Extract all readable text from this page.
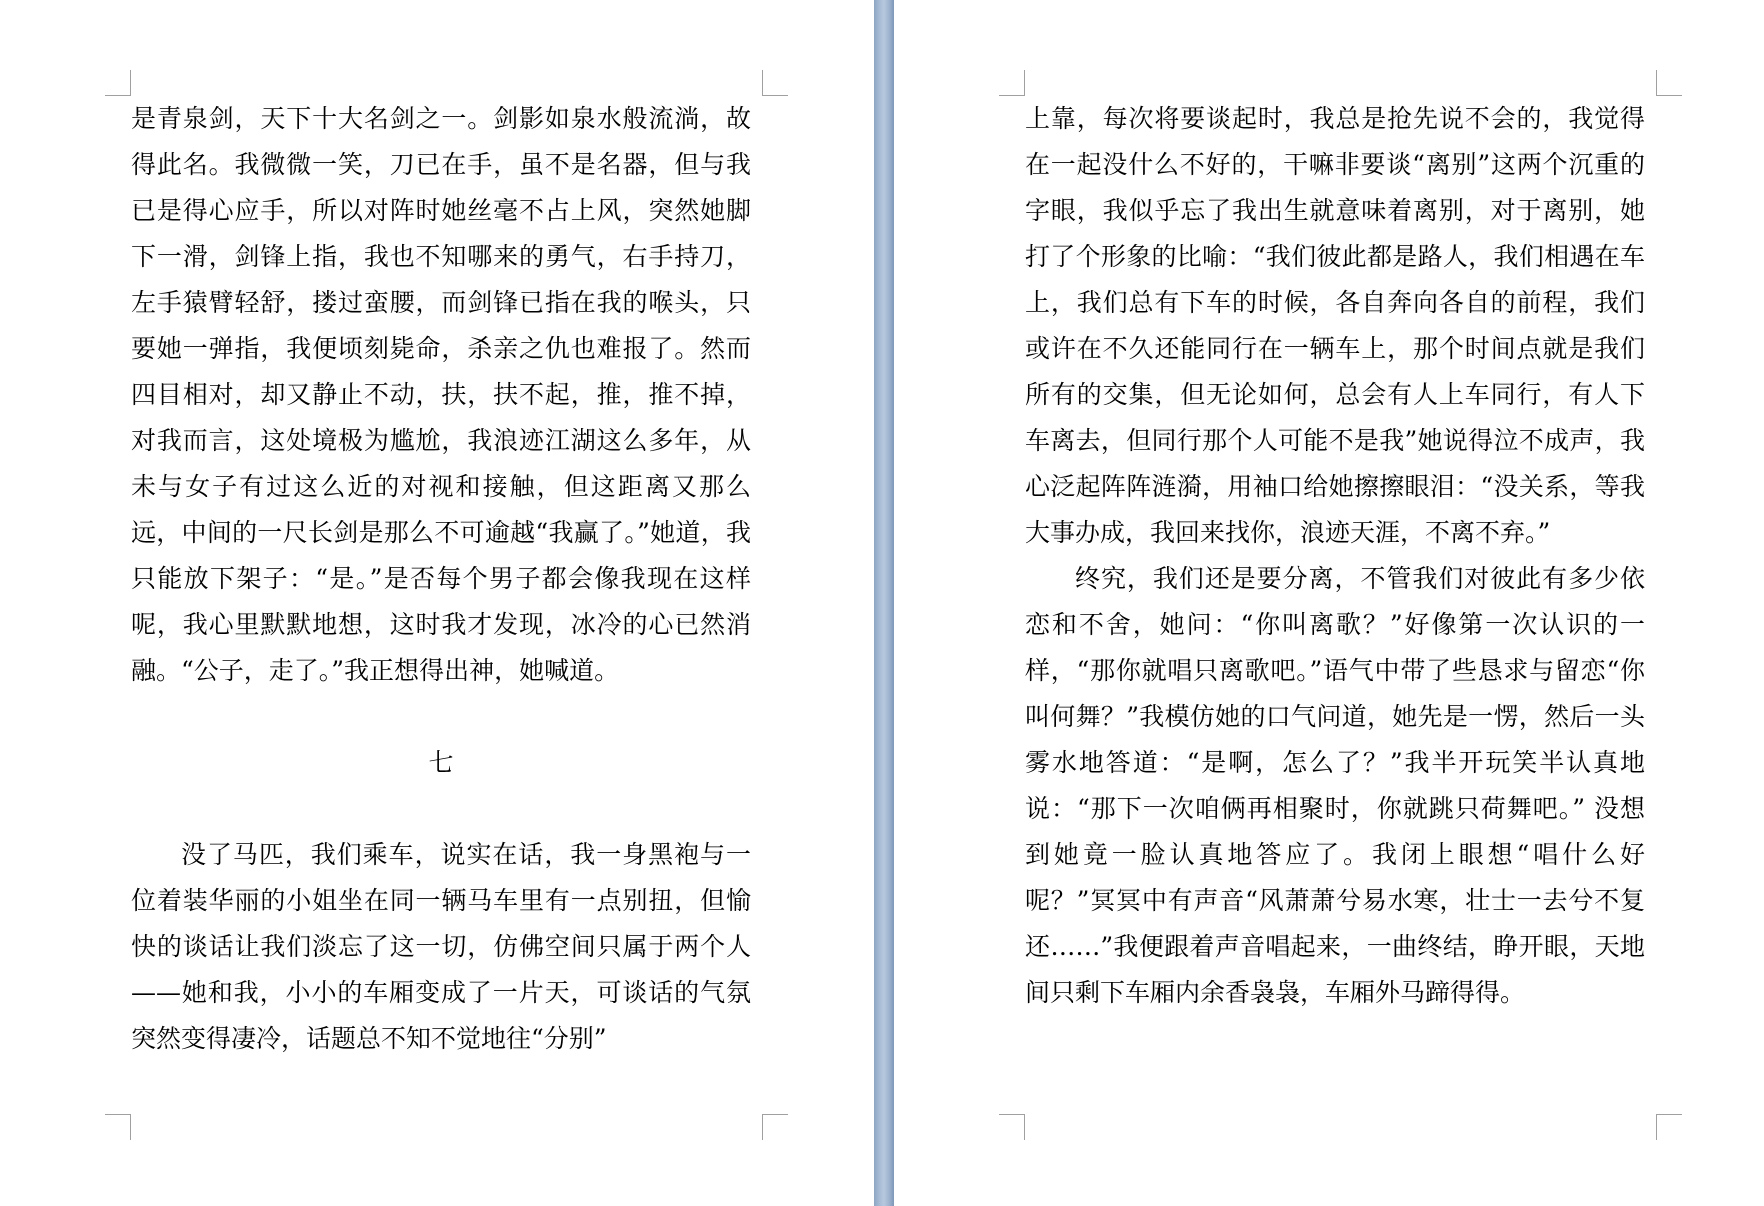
是青泉剑，天下十大名剑之一。剑影如泉水般流淌，故得此名。我微微一笑，刀已在手，虽不是名器，但与我已是得心应手，所以对阵时她丝毫不占上风，突然她脚下一滑，剑锋上指，我也不知哪来的勇气，右手持刀，左手猿臂轻舒，搂过蛮腰，而剑锋已指在我的喉头，只要她一弹指，我便顷刻毙命，杀亲之仇也难报了。然而四目相对，却又静止不动，扶，扶不起，推，推不掉，对我而言，这处境极为尴尬，我浪迹江湖这么多年，从未与女子有过这么近的对视和接触，但这距离又那么远，中间的一尺长剑是那么不可逾越“我赢了。”她道，我只能放下架子：“是。”是否每个男子都会像我现在这样呢，我心里默默地想，这时我才发现，冰冷的心已然消融。“公子，走了。”我正想得出神，她喊道。

七

没了马匹，我们乘车，说实在话，我一身黑袍与一位着装华丽的小姐坐在同一辆马车里有一点别扭，但愉快的谈话让我们淡忘了这一切，仿佛空间只属于两个人——她和我，小小的车厢变成了一片天，可谈话的气氛突然变得凄冷，话题总不知不觉地往“分别”

上靠，每次将要谈起时，我总是抢先说不会的，我觉得在一起没什么不好的，干嘛非要谈“离别”这两个沉重的字眼，我似乎忘了我出生就意味着离别，对于离别，她打了个形象的比喻：“我们彼此都是路人，我们相遇在车上，我们总有下车的时候，各自奔向各自的前程，我们或许在不久还能同行在一辆车上，那个时间点就是我们所有的交集，但无论如何，总会有人上车同行，有人下车离去，但同行那个人可能不是我”她说得泣不成声，我心泛起阵阵涟漪，用袖口给她擦擦眼泪：“没关系，等我大事办成，我回来找你，浪迹天涯，不离不弃。”

终究，我们还是要分离，不管我们对彼此有多少依恋和不舍，她问：“你叫离歌？”好像第一次认识的一样，“那你就唱只离歌吧。”语气中带了些恳求与留恋“你叫何舞？”我模仿她的口气问道，她先是一愣，然后一头雾水地答道：“是啊，怎么了？”我半开玩笑半认真地说：“那下一次咱俩再相聚时，你就跳只荷舞吧。” 没想到她竟一脸认真地答应了。我闭上眼想“唱什么好呢？”冥冥中有声音“风萧萧兮易水寒，壮士一去兮不复还……”我便跟着声音唱起来，一曲终结，睁开眼，天地间只剩下车厢内余香袅袅，车厢外马蹄得得。
